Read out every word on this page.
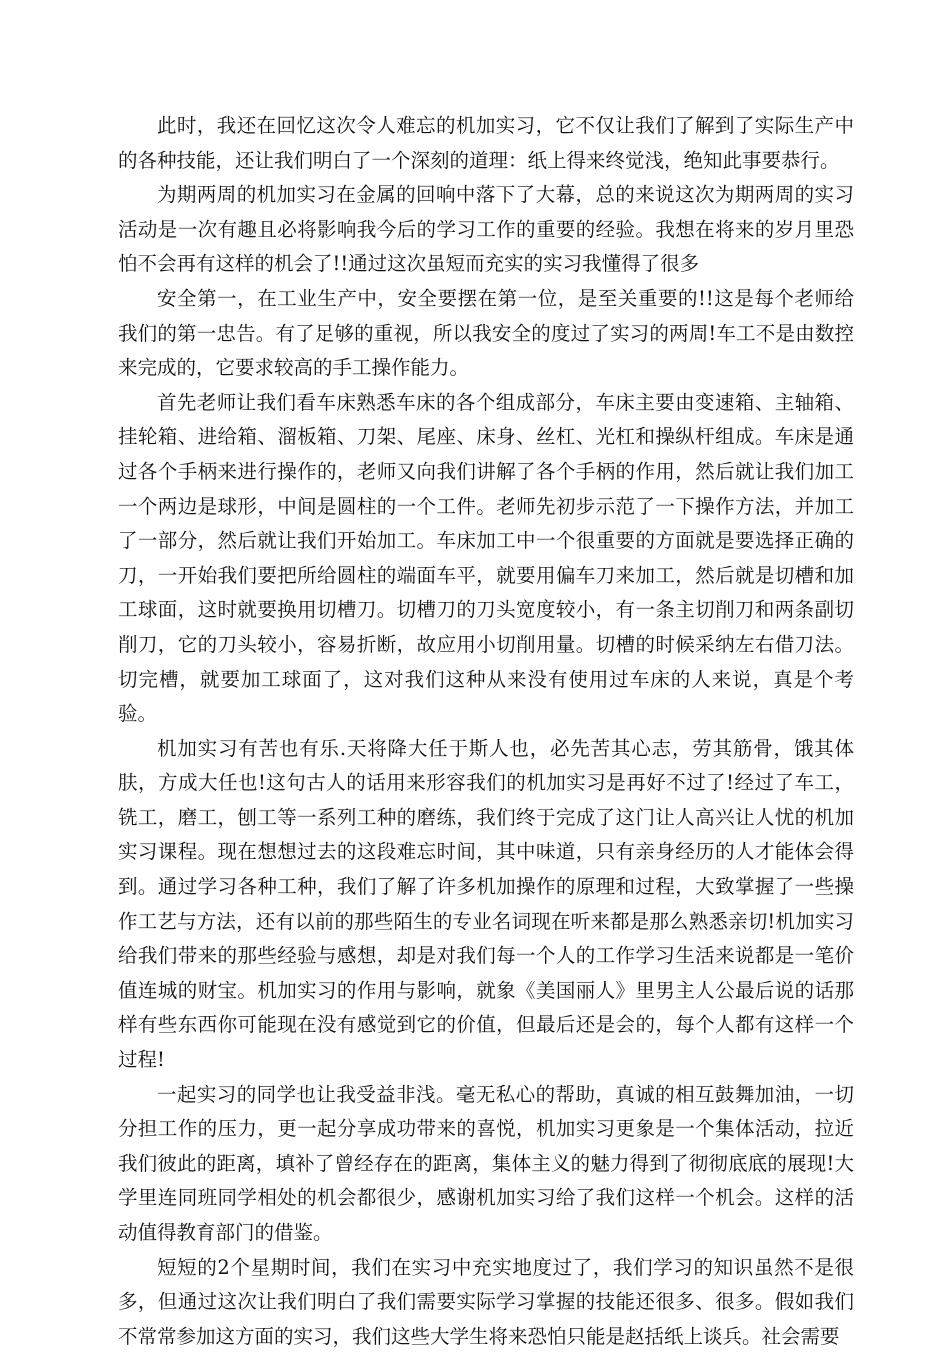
此时，我还在回忆这次令人难忘的机加实习，它不仅让我们了解到了实际生产中的各种技能，还让我们明白了一个深刻的道理：纸上得来终觉浅，绝知此事要恭行。

为期两周的机加实习在金属的回响中落下了大幕，总的来说这次为期两周的实习活动是一次有趣且必将影响我今后的学习工作的重要的经验。我想在将来的岁月里恐怕不会再有这样的机会了!!通过这次虽短而充实的实习我懂得了很多

安全第一，在工业生产中，安全要摆在第一位，是至关重要的!!这是每个老师给我们的第一忠告。有了足够的重视，所以我安全的度过了实习的两周!车工不是由数控来完成的，它要求较高的手工操作能力。

首先老师让我们看车床熟悉车床的各个组成部分，车床主要由变速箱、主轴箱、挂轮箱、进给箱、溜板箱、刀架、尾座、床身、丝杠、光杠和操纵杆组成。车床是通过各个手柄来进行操作的，老师又向我们讲解了各个手柄的作用，然后就让我们加工一个两边是球形，中间是圆柱的一个工件。老师先初步示范了一下操作方法，并加工了一部分，然后就让我们开始加工。车床加工中一个很重要的方面就是要选择正确的刀，一开始我们要把所给圆柱的端面车平，就要用偏车刀来加工，然后就是切槽和加工球面，这时就要换用切槽刀。切槽刀的刀头宽度较小，有一条主切削刀和两条副切削刀，它的刀头较小，容易折断，故应用小切削用量。切槽的时候采纳左右借刀法。切完槽，就要加工球面了，这对我们这种从来没有使用过车床的人来说，真是个考验。

机加实习有苦也有乐.天将降大任于斯人也，必先苦其心志，劳其筋骨，饿其体肤，方成大任也!这句古人的话用来形容我们的机加实习是再好不过了!经过了车工，铣工，磨工，刨工等一系列工种的磨练，我们终于完成了这门让人高兴让人忧的机加实习课程。现在想想过去的这段难忘时间，其中味道，只有亲身经历的人才能体会得到。通过学习各种工种，我们了解了许多机加操作的原理和过程，大致掌握了一些操作工艺与方法，还有以前的那些陌生的专业名词现在听来都是那么熟悉亲切!机加实习给我们带来的那些经验与感想，却是对我们每一个人的工作学习生活来说都是一笔价值连城的财宝。机加实习的作用与影响，就象《美国丽人》里男主人公最后说的话那样有些东西你可能现在没有感觉到它的价值，但最后还是会的，每个人都有这样一个过程!

一起实习的同学也让我受益非浅。毫无私心的帮助，真诚的相互鼓舞加油，一切分担工作的压力，更一起分享成功带来的喜悦，机加实习更象是一个集体活动，拉近我们彼此的距离，填补了曾经存在的距离，集体主义的魅力得到了彻彻底底的展现!大学里连同班同学相处的机会都很少，感谢机加实习给了我们这样一个机会。这样的活动值得教育部门的借鉴。

短短的2个星期时间，我们在实习中充实地度过了，我们学习的知识虽然不是很多，但通过这次让我们明白了我们需要实际学习掌握的技能还很多、很多。假如我们不常常参加这方面的实习，我们这些大学生将来恐怕只能是赵括纸上谈兵。社会需要
